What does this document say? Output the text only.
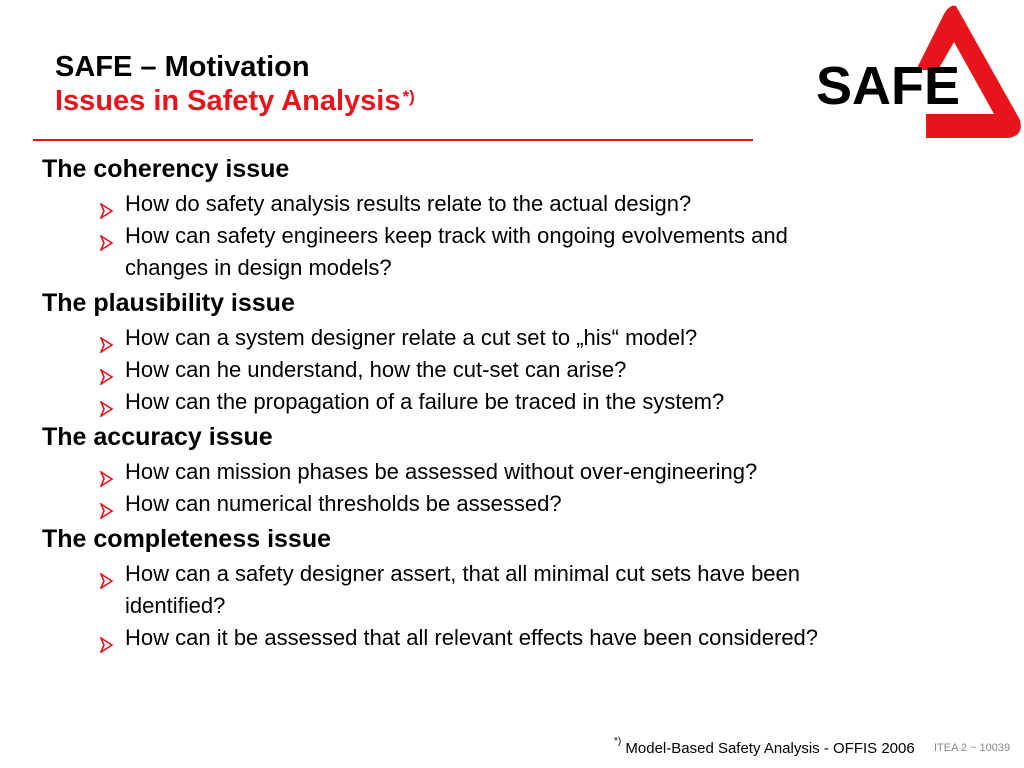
SAFE – Motivation
Issues in Safety Analysis *)	SAFE
The coherency issue
How do safety analysis results relate to the actual design?
How can safety engineers keep track with ongoing evolvements and
changes in design models?
The plausibility issue
How can a system designer relate a cut set to „his“ model?
How can he understand, how the cut-set can arise?
How can the propagation of a failure be traced in the system?
The accuracy issue
How can mission phases be assessed without over-engineering?
How can numerical thresholds be assessed?
The completeness issue
How can a safety designer assert, that all minimal cut sets have been
identified?
How can it be assessed that all relevant effects have been considered?
*) Model-Based Safety Analysis - OFFIS 2006 ITEA 2 ~ 10039
